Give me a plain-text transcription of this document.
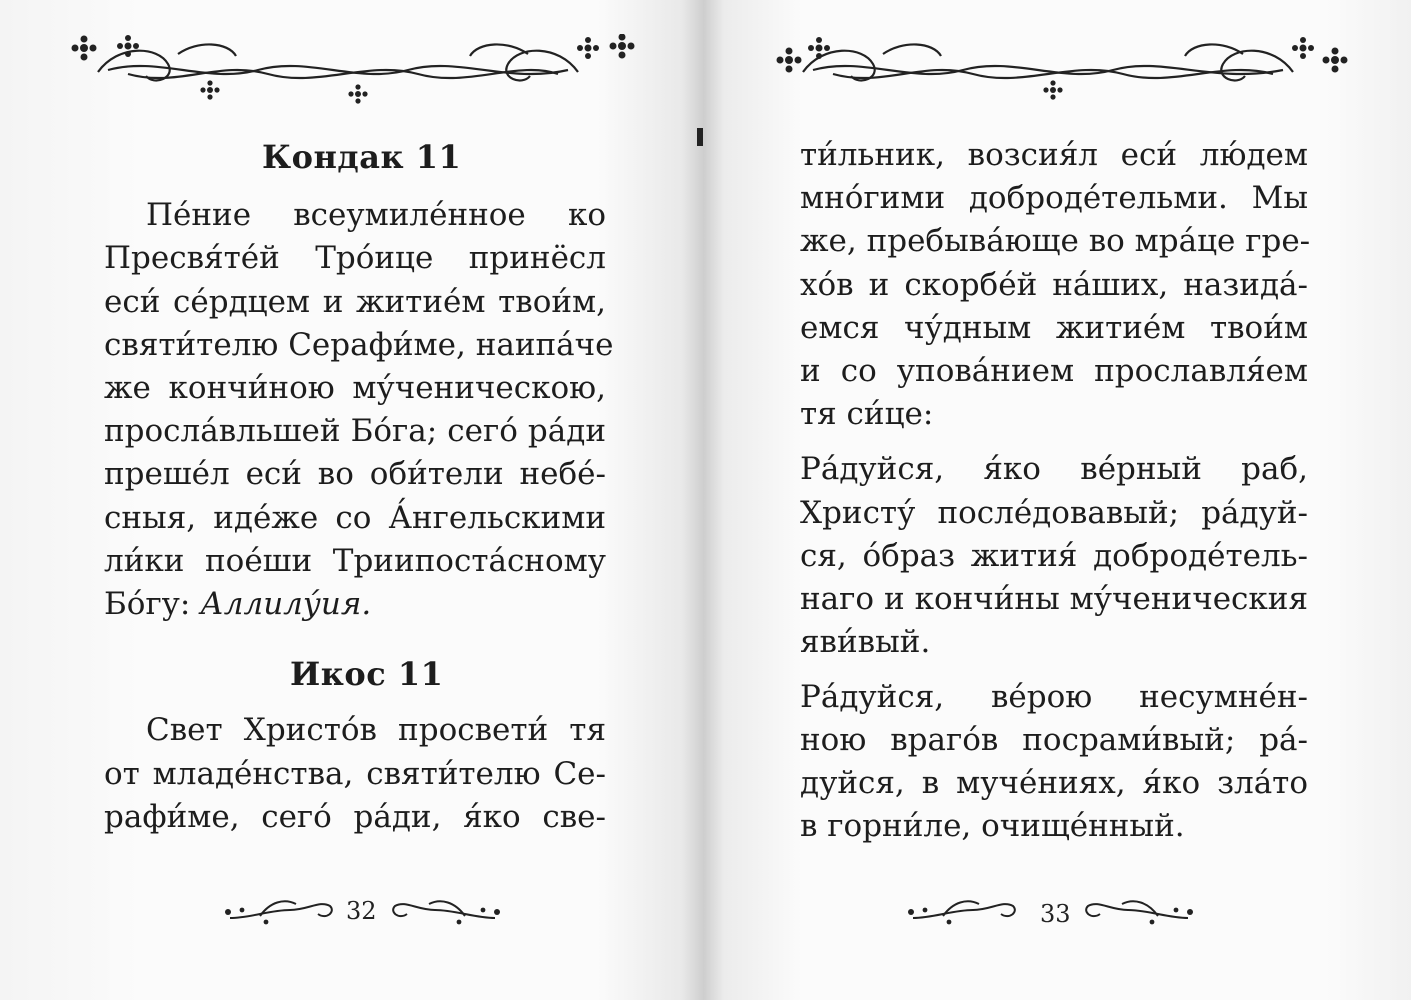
Кондак 11
Пе́ние всеумиле́нное ко
Пресвя́те́й Тро́ице принёсл
еси́ се́рдцем и житие́м твои́м,
святи́телю Серафи́ме, наипа́че
же кончи́ною му́ченическою,
просла́вльшей Бо́га; сего́ ра́ди
преше́л еси́ во оби́тели небе́-
сныя, иде́же со А́нгельскими
ли́ки пое́ши Триипоста́сному
Бо́гу: Аллилу́ия.
Икос 11
Свет Христо́в просвети́ тя
от младе́нства, святи́телю Се-
рафи́ме, сего́ ра́ди, я́ко све-
32
ти́льник, возсия́л еси́ лю́дем
мно́гими доброде́тельми. Мы
же, пребыва́юще во мра́це гре-
хо́в и скорбе́й на́ших, назида́-
емся чу́дным житие́м твои́м
и со упова́нием прославля́ем
тя си́це:
Ра́дуйся, я́ко ве́рный раб,
Христу́ после́довавый; ра́дуй-
ся, о́браз жития́ доброде́тель-
наго и кончи́ны му́ченическия
яви́вый.
Ра́дуйся, ве́рою несумне́н-
ною враго́в посрами́вый; ра́-
дуйся, в муче́ниях, я́ко зла́то
в горни́ле, очище́нный.
33
